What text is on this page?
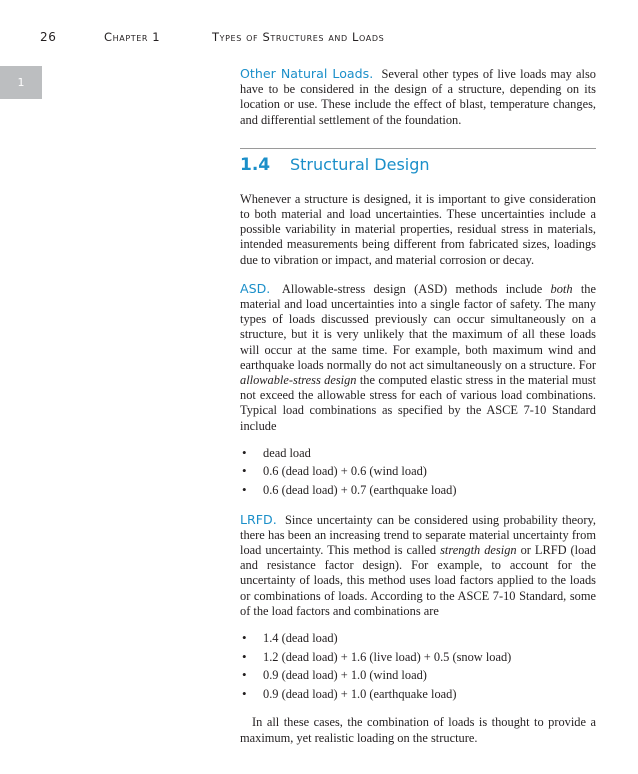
26	Chapter 1	Types of Structures and Loads
1

Other Natural Loads. Several other types of live loads may also have to be considered in the design of a structure, depending on its location or use. These include the effect of blast, temperature changes, and differential settlement of the foundation.

1.4 Structural Design

Whenever a structure is designed, it is important to give consideration to both material and load uncertainties. These uncertainties include a possible variability in material properties, residual stress in materials, intended measurements being different from fabricated sizes, loadings due to vibration or impact, and material corrosion or decay.

ASD. Allowable-stress design (ASD) methods include both the material and load uncertainties into a single factor of safety. The many types of loads discussed previously can occur simultaneously on a structure, but it is very unlikely that the maximum of all these loads will occur at the same time. For example, both maximum wind and earthquake loads normally do not act simultaneously on a structure. For allowable-stress design the computed elastic stress in the material must not exceed the allowable stress for each of various load combinations. Typical load combinations as specified by the ASCE 7-10 Standard include

• dead load
• 0.6 (dead load) + 0.6 (wind load)
• 0.6 (dead load) + 0.7 (earthquake load)

LRFD. Since uncertainty can be considered using probability theory, there has been an increasing trend to separate material uncertainty from load uncertainty. This method is called strength design or LRFD (load and resistance factor design). For example, to account for the uncertainty of loads, this method uses load factors applied to the loads or combinations of loads. According to the ASCE 7-10 Standard, some of the load factors and combinations are

• 1.4 (dead load)
• 1.2 (dead load) + 1.6 (live load) + 0.5 (snow load)
• 0.9 (dead load) + 1.0 (wind load)
• 0.9 (dead load) + 1.0 (earthquake load)

In all these cases, the combination of loads is thought to provide a maximum, yet realistic loading on the structure.
